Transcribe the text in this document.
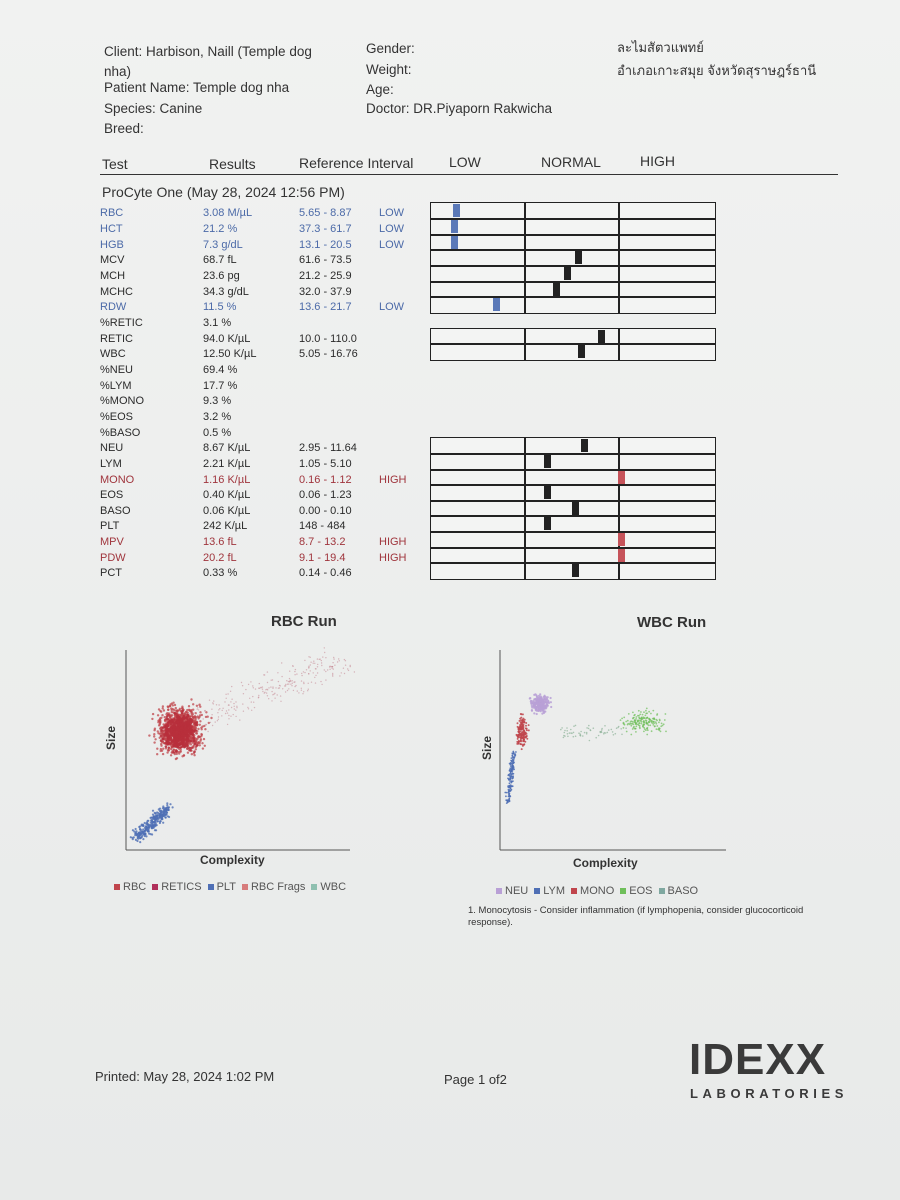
Client: Harbison, Naill (Temple dog
nha)
Patient Name: Temple dog nha
Species: Canine
Breed:
Gender:
Weight:
Age:
Doctor: DR.Piyaporn Rakwicha
ละไมสัตวแพทย์
อำเภอเกาะสมุย จังหวัดสุราษฎร์ธานี
Test	Results	Reference Interval	LOW	NORMAL	HIGH
ProCyte One (May 28, 2024 12:56 PM)
RBC	3.08 M/µL	5.65 - 8.87 LOW
HCT	21.2 %	37.3 - 61.7 LOW
HGB	7.3 g/dL	13.1 - 20.5 LOW
MCV	68.7 fL	61.6 - 73.5
MCH	23.6 pg	21.2 - 25.9
MCHC	34.3 g/dL	32.0 - 37.9
RDW	11.5 %	13.6 - 21.7 LOW
%RETIC	3.1 %
RETIC	94.0 K/µL	10.0 - 110.0
WBC	12.50 K/µL	5.05 - 16.76
%NEU	69.4 %
%LYM	17.7 %
%MONO	9.3 %
%EOS	3.2 %
%BASO	0.5 %
NEU	8.67 K/µL	2.95 - 11.64
LYM	2.21 K/µL	1.05 - 5.10
MONO	1.16 K/µL	0.16 - 1.12 HIGH
EOS	0.40 K/µL	0.06 - 1.23
BASO	0.06 K/µL	0.00 - 0.10
PLT	242 K/µL	148 - 484
MPV	13.6 fL	8.7 - 13.2	HIGH
PDW	20.2 fL	9.1 - 19.4	HIGH
PCT	0.33 %	0.14 - 0.46
RBC Run
Size
Complexity
RBC RETICS PLT RBC Frags WBC
WBC Run
Size
Complexity
NEU LYM MONO EOS BASO
1. Monocytosis - Consider inflammation (if lymphopenia, consider glucocorticoid
response).
Printed: May 28, 2024 1:02 PM	Page 1 of2	IDEXX
LABORATORIES
